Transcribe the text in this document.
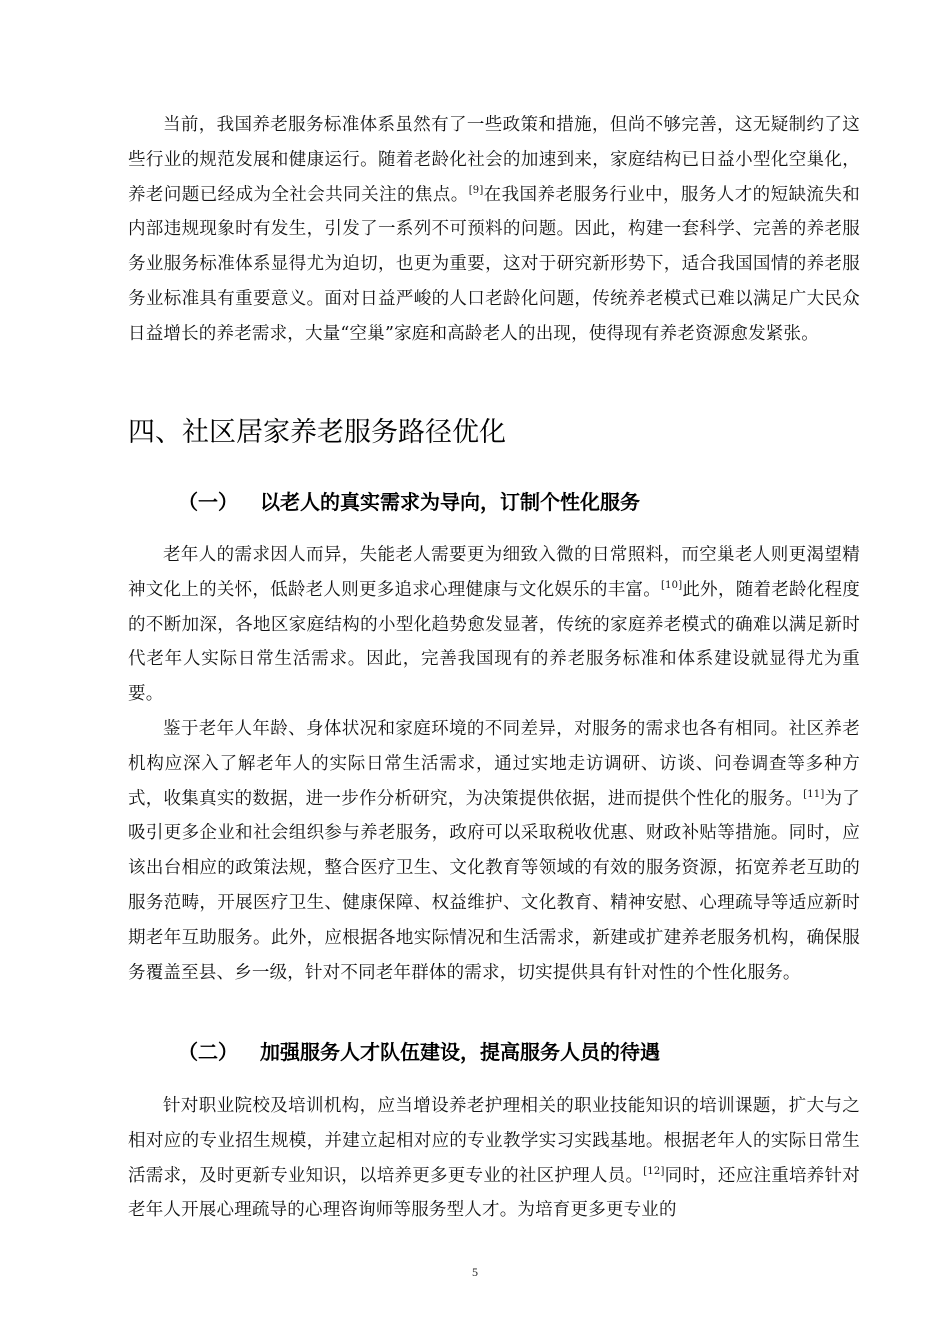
当前，我国养老服务标准体系虽然有了一些政策和措施，但尚不够完善，这无疑制约了这些行业的规范发展和健康运行。随着老龄化社会的加速到来，家庭结构已日益小型化空巢化，养老问题已经成为全社会共同关注的焦点。[9]在我国养老服务行业中，服务人才的短缺流失和内部违规现象时有发生，引发了一系列不可预料的问题。因此，构建一套科学、完善的养老服务业服务标准体系显得尤为迫切，也更为重要，这对于研究新形势下，适合我国国情的养老服务业标准具有重要意义。面对日益严峻的人口老龄化问题，传统养老模式已难以满足广大民众日益增长的养老需求，大量“空巢”家庭和高龄老人的出现，使得现有养老资源愈发紧张。

四、社区居家养老服务路径优化
（一） 以老人的真实需求为导向，订制个性化服务

老年人的需求因人而异，失能老人需要更为细致入微的日常照料，而空巢老人则更渴望精神文化上的关怀，低龄老人则更多追求心理健康与文化娱乐的丰富。[10]此外，随着老龄化程度的不断加深，各地区家庭结构的小型化趋势愈发显著，传统的家庭养老模式的确难以满足新时代老年人实际日常生活需求。因此，完善我国现有的养老服务标准和体系建设就显得尤为重要。

鉴于老年人年龄、身体状况和家庭环境的不同差异，对服务的需求也各有相同。社区养老机构应深入了解老年人的实际日常生活需求，通过实地走访调研、访谈、问卷调查等多种方式，收集真实的数据，进一步作分析研究，为决策提供依据，进而提供个性化的服务。[11]为了吸引更多企业和社会组织参与养老服务，政府可以采取税收优惠、财政补贴等措施。同时，应该出台相应的政策法规，整合医疗卫生、文化教育等领域的有效的服务资源，拓宽养老互助的服务范畴，开展医疗卫生、健康保障、权益维护、文化教育、精神安慰、心理疏导等适应新时期老年互助服务。此外，应根据各地实际情况和生活需求，新建或扩建养老服务机构，确保服务覆盖至县、乡一级，针对不同老年群体的需求，切实提供具有针对性的个性化服务。

（二） 加强服务人才队伍建设，提高服务人员的待遇

针对职业院校及培训机构，应当增设养老护理相关的职业技能知识的培训课题，扩大与之相对应的专业招生规模，并建立起相对应的专业教学实习实践基地。根据老年人的实际日常生活需求，及时更新专业知识，以培养更多更专业的社区护理人员。[12]同时，还应注重培养针对老年人开展心理疏导的心理咨询师等服务型人才。为培育更多更专业的

5
